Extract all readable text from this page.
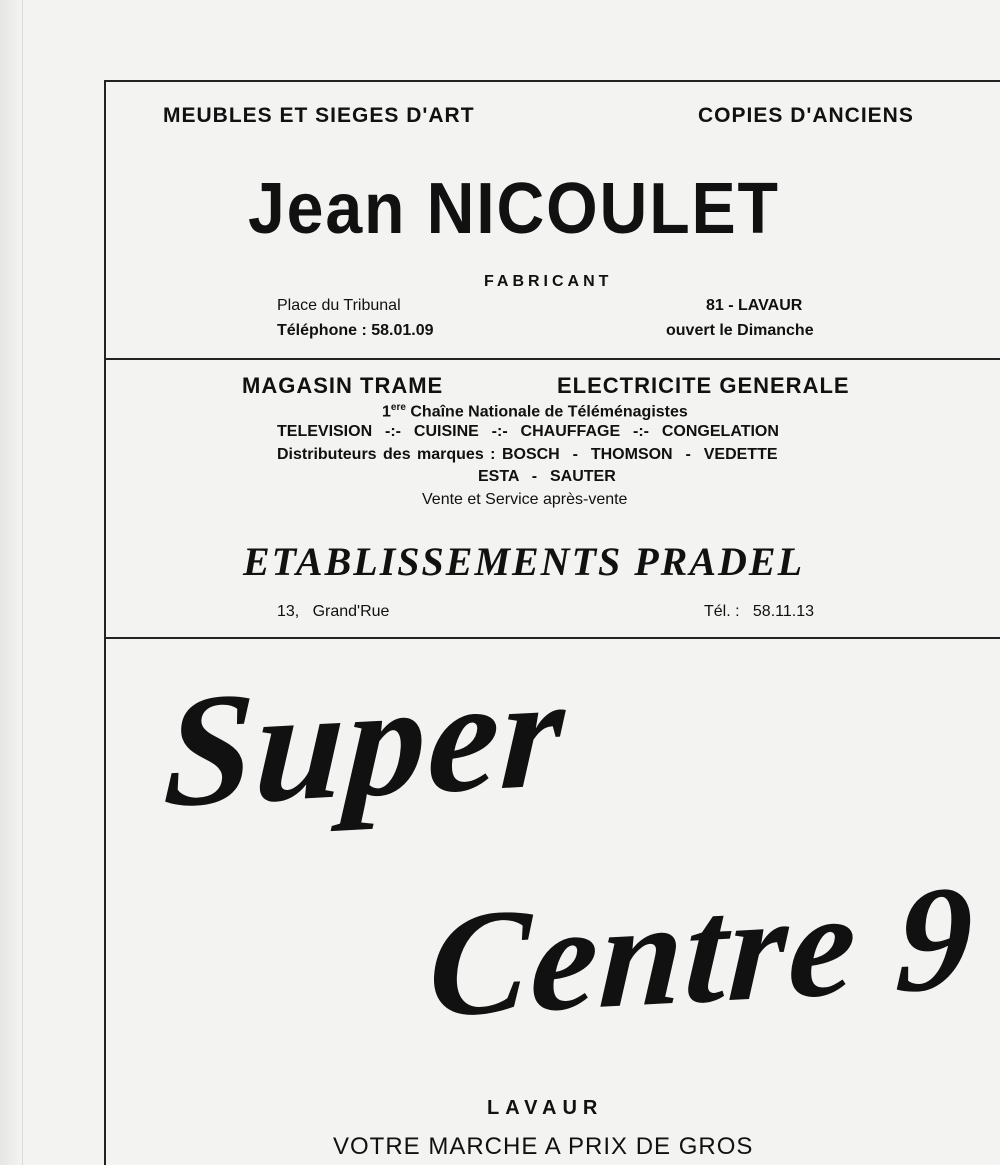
MEUBLES ET SIEGES D'ART	COPIES D'ANCIENS
Jean NICOULET
FABRICANT
Place du Tribunal
Téléphone : 58.01.09
81 - LAVAUR
ouvert le Dimanche
MAGASIN TRAME	ELECTRICITE GENERALE
1ere Chaîne Nationale de Téléménagistes
TELEVISION  -:-  CUISINE  -:-  CHAUFFAGE  -:-  CONGELATION
Distributeurs des marques : BOSCH  -  THOMSON  -  VEDETTE
ESTA  -  SAUTER
Vente et Service après-vente
ETABLISSEMENTS PRADEL
13,   Grand'Rue	Tél. :   58.11.13
Super
Centre 9
LAVAUR
VOTRE MARCHE A PRIX DE GROS
